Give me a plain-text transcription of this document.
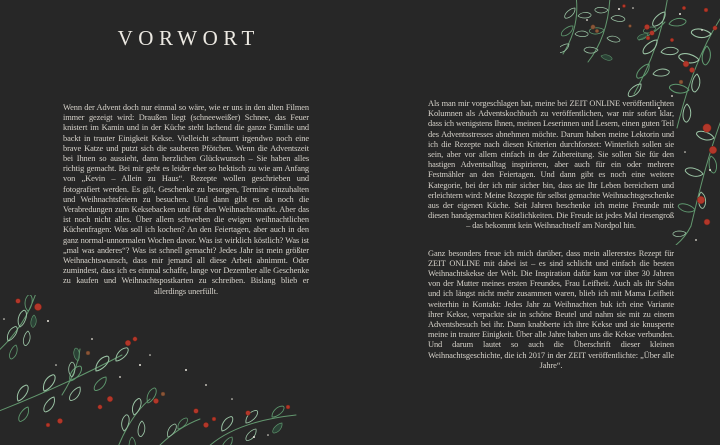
VORWORT

Wenn der Advent doch nur einmal so wäre, wie er uns in den alten Filmen immer gezeigt wird: Draußen liegt (schneeweißer) Schnee, das Feuer knistert im Kamin und in der Küche steht lachend die ganze Familie und backt in trauter Einigkeit Kekse. Vielleicht schnurrt irgendwo noch eine brave Katze und putzt sich die sauberen Pfötchen. Wenn die Adventszeit bei Ihnen so aussieht, dann herzlichen Glückwunsch – Sie haben alles richtig gemacht. Bei mir geht es leider eher so hektisch zu wie am Anfang von „Kevin – Allein zu Haus“. Rezepte wollen geschrieben und fotografiert werden. Es gilt, Geschenke zu besorgen, Termine einzuhalten und Weihnachtsfeiern zu besuchen. Und dann gibt es da noch die Verabredungen zum Keksebacken und für den Weihnachtsmarkt. Aber das ist noch nicht alles. Über allem schweben die ewigen weihnachtlichen Küchenfragen: Was soll ich kochen? An den Feiertagen, aber auch in den ganz normal-unnormalen Wochen davor. Was ist wirklich köstlich? Was ist „mal was anderes“? Was ist schnell gemacht? Jedes Jahr ist mein größter Weihnachtswunsch, dass mir jemand all diese Arbeit abnimmt. Oder zumindest, dass ich es einmal schaffe, lange vor Dezember alle Geschenke zu kaufen und Weihnachtspostkarten zu schreiben. Bislang blieb er allerdings unerfüllt.

Als man mir vorgeschlagen hat, meine bei ZEIT ONLINE veröffentlichten Kolumnen als Adventskochbuch zu veröffentlichen, war mir sofort klar, dass ich wenigstens Ihnen, meinen Leserinnen und Lesern, einen guten Teil des Adventsstresses abnehmen möchte. Darum haben meine Lektorin und ich die Rezepte nach diesen Kriterien durchforstet: Winterlich sollen sie sein, aber vor allem einfach in der Zubereitung. Sie sollen Sie für den hastigen Adventsalltag inspirieren, aber auch für ein oder mehrere Festmähler an den Feiertagen. Und dann gibt es noch eine weitere Kategorie, bei der ich mir sicher bin, dass sie Ihr Leben bereichern und erleichtern wird: Meine Rezepte für selbst gemachte Weihnachtsgeschenke aus der eigenen Küche. Seit Jahren beschenke ich meine Freunde mit diesen handgemachten Köstlichkeiten. Die Freude ist jedes Mal riesengroß – das bekommt kein Weihnachtself am Nordpol hin.

Ganz besonders freue ich mich darüber, dass mein allererstes Rezept für ZEIT ONLINE mit dabei ist – es sind schlicht und einfach die besten Weihnachtskekse der Welt. Die Inspiration dafür kam vor über 30 Jahren von der Mutter meines ersten Freundes, Frau Leifheit. Auch als ihr Sohn und ich längst nicht mehr zusammen waren, blieb ich mit Mama Leifheit weiterhin in Kontakt: Jedes Jahr zu Weihnachten buk ich eine Variante ihrer Kekse, verpackte sie in schöne Beutel und nahm sie mit zu einem Adventsbesuch bei ihr. Dann knabberte ich ihre Kekse und sie knusperte meine in trauter Einigkeit. Über alle Jahre haben uns die Kekse verbunden. Und darum lautet so auch die Überschrift dieser kleinen Weihnachtsgeschichte, die ich 2017 in der ZEIT veröffentlichte: „Über alle Jahre“.
